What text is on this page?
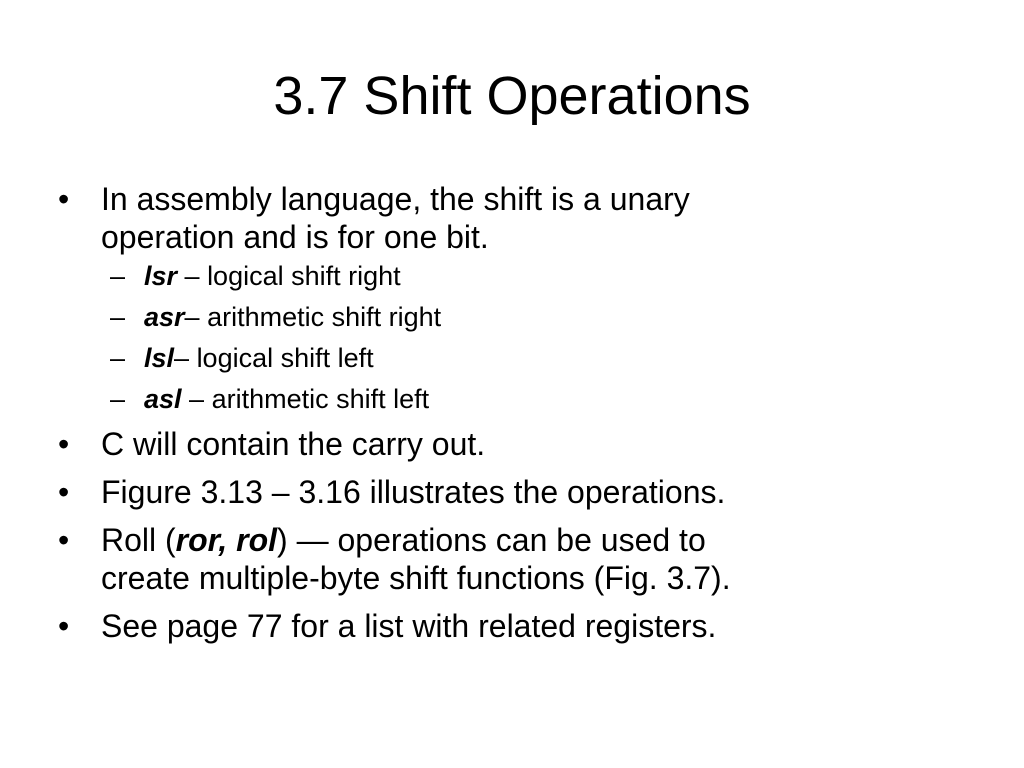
3.7 Shift Operations
• In assembly language, the shift is a unary
operation and is for one bit.
– lsr – logical shift right
– asr– arithmetic shift right
– lsl– logical shift left
– asl – arithmetic shift left
• C will contain the carry out.
• Figure 3.13 – 3.16 illustrates the operations.
• Roll (ror, rol) — operations can be used to
create multiple-byte shift functions (Fig. 3.7).
• See page 77 for a list with related registers.
